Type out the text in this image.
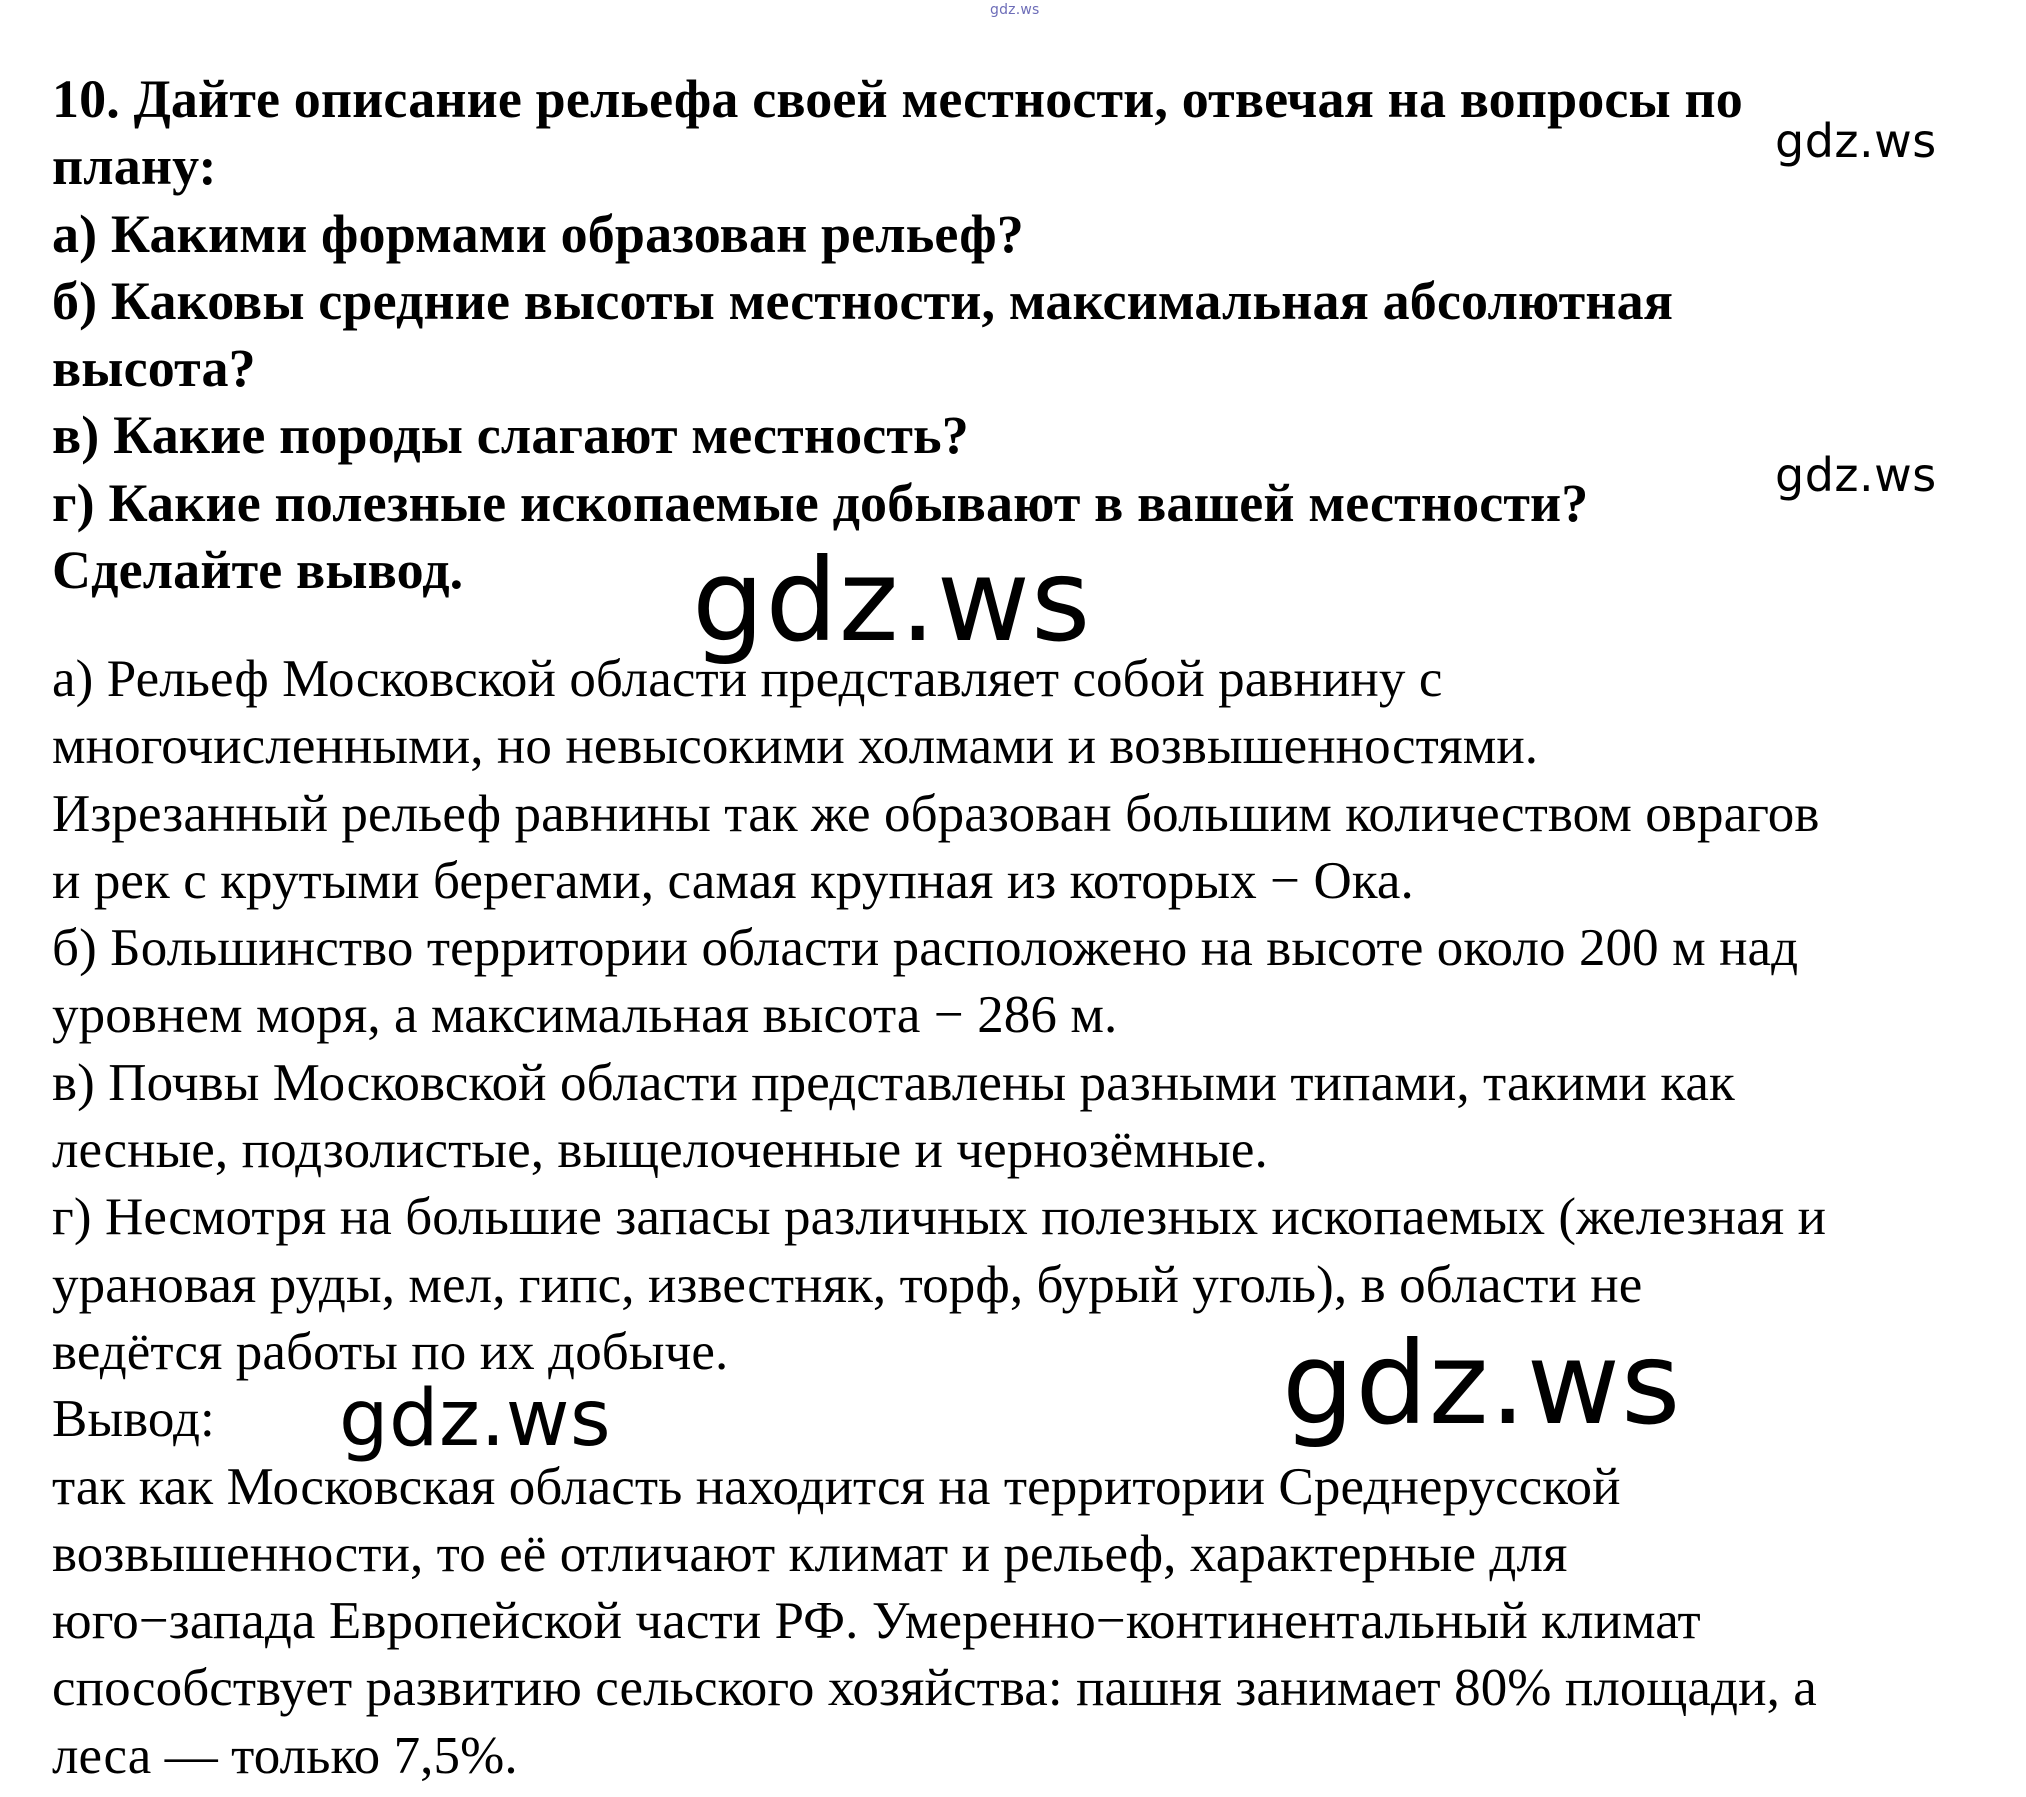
gdz.ws
10. Дайте описание рельефа своей местности, отвечая на вопросы по
плану:
а) Какими формами образован рельеф?
б) Каковы средние высоты местности, максимальная абсолютная
высота?
в) Какие породы слагают местность?
г) Какие полезные ископаемые добывают в вашей местности?
Сделайте вывод.
а) Рельеф Московской области представляет собой равнину с
многочисленными, но невысокими холмами и возвышенностями.
Изрезанный рельеф равнины так же образован большим количеством оврагов
и рек с крутыми берегами, самая крупная из которых − Ока.
б) Большинство территории области расположено на высоте около 200 м над
уровнем моря, а максимальная высота − 286 м.
в) Почвы Московской области представлены разными типами, такими как
лесные, подзолистые, выщелоченные и чернозёмные.
г) Несмотря на большие запасы различных полезных ископаемых (железная и
урановая руды, мел, гипс, известняк, торф, бурый уголь), в области не
ведётся работы по их добыче.
Вывод:
так как Московская область находится на территории Среднерусской
возвышенности, то её отличают климат и рельеф, характерные для
юго−запада Европейской части РФ. Умеренно−континентальный климат
способствует развитию сельского хозяйства: пашня занимает 80% площади, а
леса — только 7,5%.
gdz.ws
gdz.ws
gdz.ws
gdz.ws	gdz.ws
